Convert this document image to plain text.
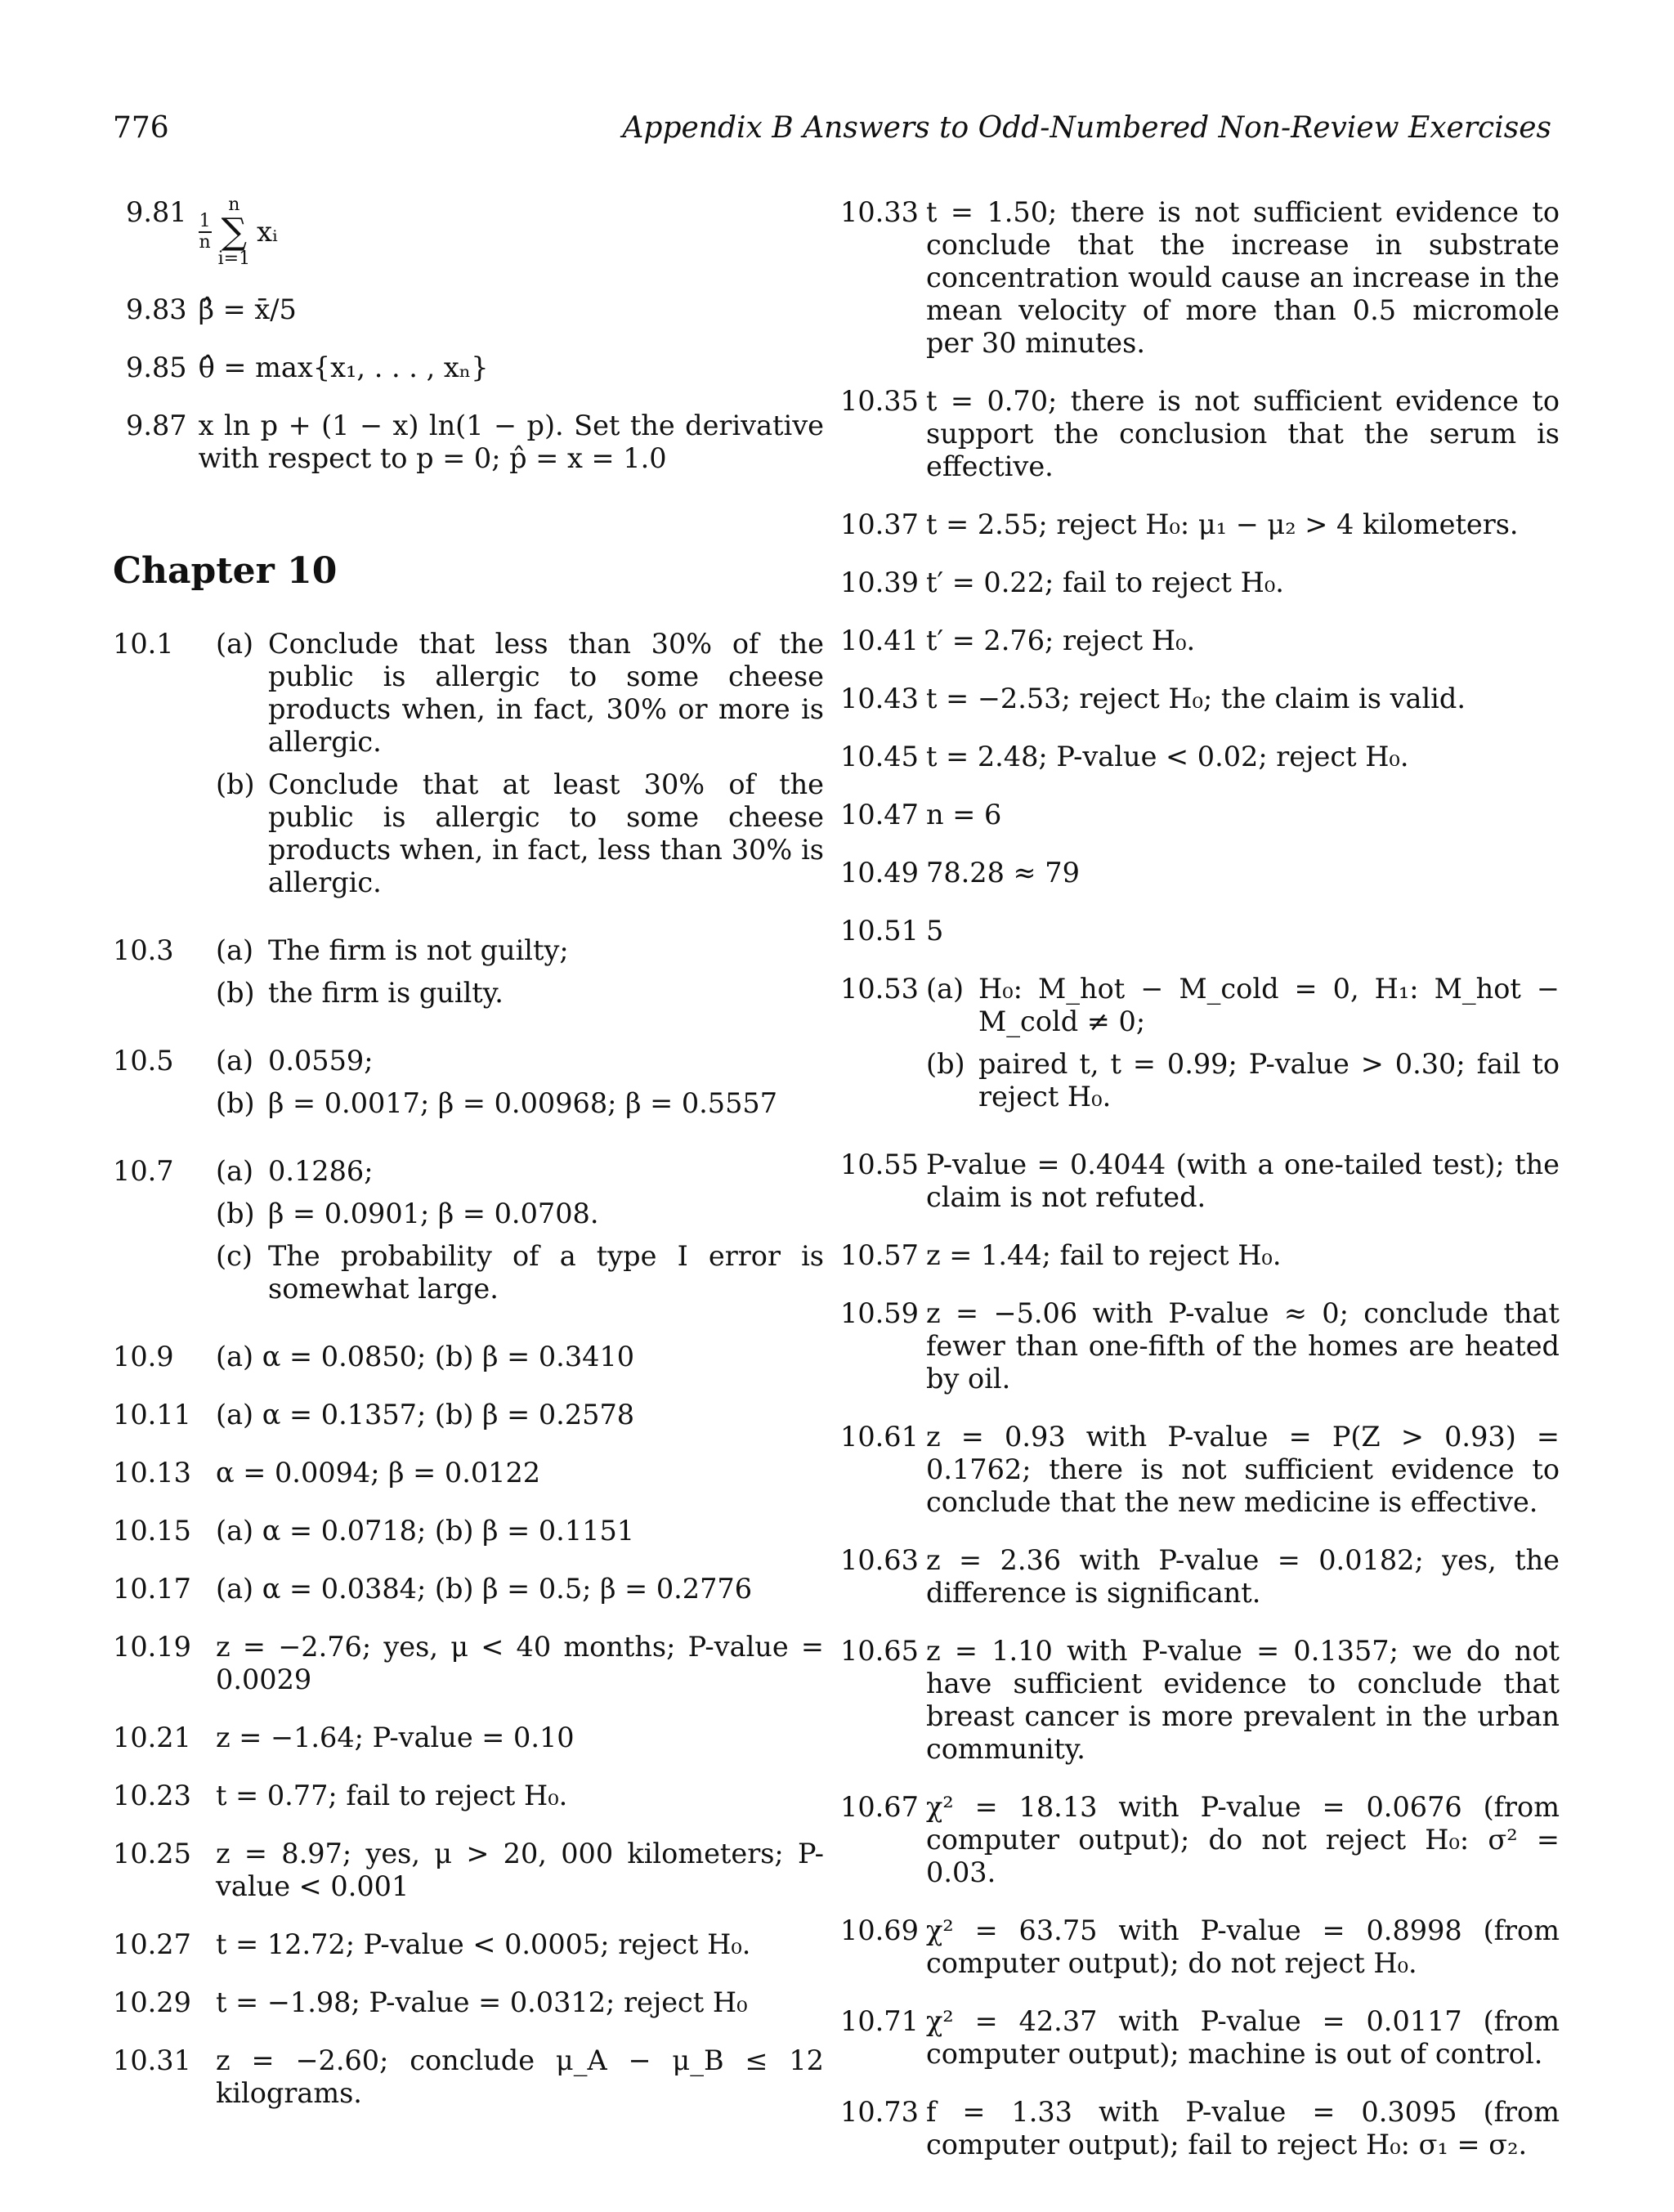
776	Appendix B Answers to Odd-Numbered Non-Review Exercises
$9.81 \frac{1}{n}$
n
∑
i=1
xᵢ
9.83 β̂ = x̄/5
9.85 θ̂ = max{x₁, . . . , xₙ}
9.87 x ln p + (1 − x) ln(1 − p). Set the derivative with respect to p = 0; p̂ = x = 1.0
Chapter 10
10.1	(a) Conclude that less than 30% of the public is allergic to some cheese products when, in fact, 30% or more is allergic.
(b) Conclude that at least 30% of the public is allergic to some cheese products when, in fact, less than 30% is allergic.
10.3	(a) The firm is not guilty;
(b) the firm is guilty.
10.5	(a) 0.0559;
(b) β = 0.0017; β = 0.00968; β = 0.5557
10.7	(a) 0.1286;
(b) β = 0.0901; β = 0.0708.
(c) The probability of a type I error is somewhat large.
10.9	(a) α = 0.0850; (b) β = 0.3410
10.11 (a) α = 0.1357; (b) β = 0.2578
10.13 α = 0.0094; β = 0.0122
10.15 (a) α = 0.0718; (b) β = 0.1151
10.17 (a) α = 0.0384; (b) β = 0.5; β = 0.2776
10.19 z = −2.76; yes, μ < 40 months; P-value = 0.0029
10.21 z = −1.64; P-value = 0.10
10.23 t = 0.77; fail to reject H₀.
10.25 z = 8.97; yes, μ > 20, 000 kilometers; P-value < 0.001
10.27 t = 12.72; P-value < 0.0005; reject H₀.
10.29 t = −1.98; P-value = 0.0312; reject H₀
10.31 z = −2.60; conclude μ_A − μ_B ≤ 12 kilograms.
10.33 t = 1.50; there is not sufficient evidence to conclude that the increase in substrate concentration would cause an increase in the mean velocity of more than 0.5 micromole per 30 minutes.
10.35 t = 0.70; there is not sufficient evidence to support the conclusion that the serum is effective.
10.37 t = 2.55; reject H₀: μ₁ − μ₂ > 4 kilometers.
10.39 t′ = 0.22; fail to reject H₀.
10.41 t′ = 2.76; reject H₀.
10.43 t = −2.53; reject H₀; the claim is valid.
10.45 t = 2.48; P-value < 0.02; reject H₀.
10.47 n = 6
10.49 78.28 ≈ 79
10.51 5
10.53 (a) H₀: M_hot − M_cold = 0, H₁: M_hot − M_cold ≠ 0;
(b) paired t, t = 0.99; P-value > 0.30; fail to reject H₀.
10.55 P-value = 0.4044 (with a one-tailed test); the claim is not refuted.
10.57 z = 1.44; fail to reject H₀.
10.59 z = −5.06 with P-value ≈ 0; conclude that fewer than one-fifth of the homes are heated by oil.
10.61 z = 0.93 with P-value = P(Z > 0.93) = 0.1762; there is not sufficient evidence to conclude that the new medicine is effective.
10.63 z = 2.36 with P-value = 0.0182; yes, the difference is significant.
10.65 z = 1.10 with P-value = 0.1357; we do not have sufficient evidence to conclude that breast cancer is more prevalent in the urban community.
10.67 χ² = 18.13 with P-value = 0.0676 (from computer output); do not reject H₀: σ² = 0.03.
10.69 χ² = 63.75 with P-value = 0.8998 (from computer output); do not reject H₀.
10.71 χ² = 42.37 with P-value = 0.0117 (from computer output); machine is out of control.
10.73 f = 1.33 with P-value = 0.3095 (from computer output); fail to reject H₀: σ₁ = σ₂.
